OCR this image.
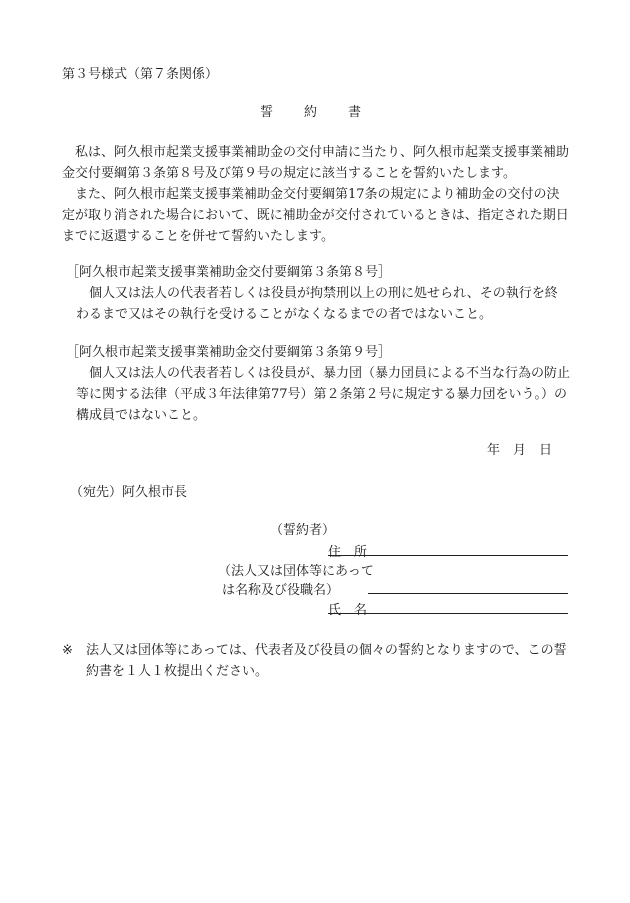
第３号様式（第７条関係）
誓　約　書
私は、阿久根市起業支援事業補助金の交付申請に当たり、阿久根市起業支援事業補助金交付要綱第３条第８号及び第９号の規定に該当することを誓約いたします。
また、阿久根市起業支援事業補助金交付要綱第17条の規定により補助金の交付の決定が取り消された場合において、既に補助金が交付されているときは、指定された期日までに返還することを併せて誓約いたします。
［阿久根市起業支援事業補助金交付要綱第３条第８号］
個人又は法人の代表者若しくは役員が拘禁刑以上の刑に処せられ、その執行を終わるまで又はその執行を受けることがなくなるまでの者ではないこと。
［阿久根市起業支援事業補助金交付要綱第３条第９号］
個人又は法人の代表者若しくは役員が、暴力団（暴力団員による不当な行為の防止等に関する法律（平成３年法律第77号）第２条第２号に規定する暴力団をいう。）の構成員ではないこと。
年　月　日
（宛先）阿久根市長
（誓約者）
住　所
（法人又は団体等にあって
は名称及び役職名）
氏　名
※ 法人又は団体等にあっては、代表者及び役員の個々の誓約となりますので、この誓約書を１人１枚提出ください。
